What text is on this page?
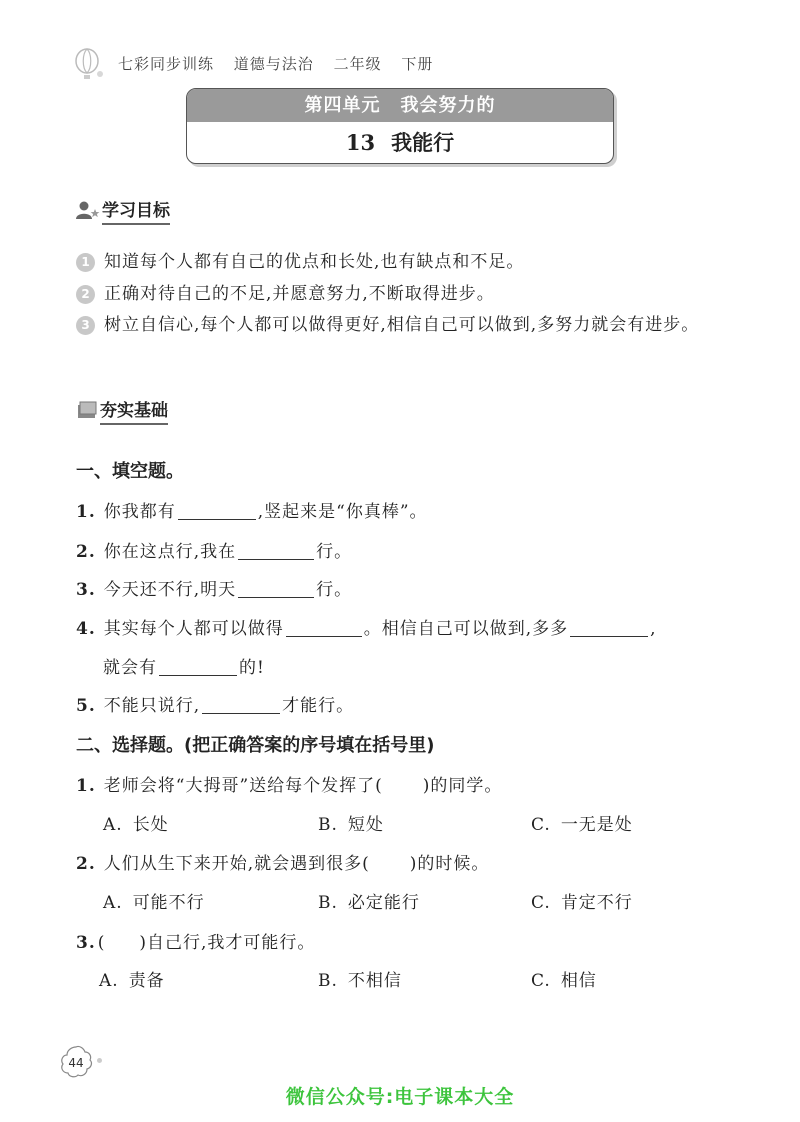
七彩同步训练 道德与法治 二年级 下册
第四单元 我会努力的
13 我能行
学习目标
1 知道每个人都有自己的优点和长处,也有缺点和不足。
2 正确对待自己的不足,并愿意努力,不断取得进步。
3 树立自信心,每个人都可以做得更好,相信自己可以做到,多努力就会有进步。
夯实基础
一、填空题。
1. 你我都有	,竖起来是“你真棒”。
2. 你在这点行,我在	行。
3. 今天还不行,明天	行。
4. 其实每个人都可以做得	。相信自己可以做到,多多	,
就会有	的!
5. 不能只说行,	才能行。
二、选择题。(把正确答案的序号填在括号里)
1. 老师会将“大拇哥”送给每个发挥了( )的同学。
A. 长处	B. 短处	C. 一无是处
2. 人们从生下来开始,就会遇到很多( )的时候。
A. 可能不行	B. 必定能行	C. 肯定不行
3. ( )自己行,我才可能行。
A. 责备	B. 不相信	C. 相信
44
微信公众号:电子课本大全
